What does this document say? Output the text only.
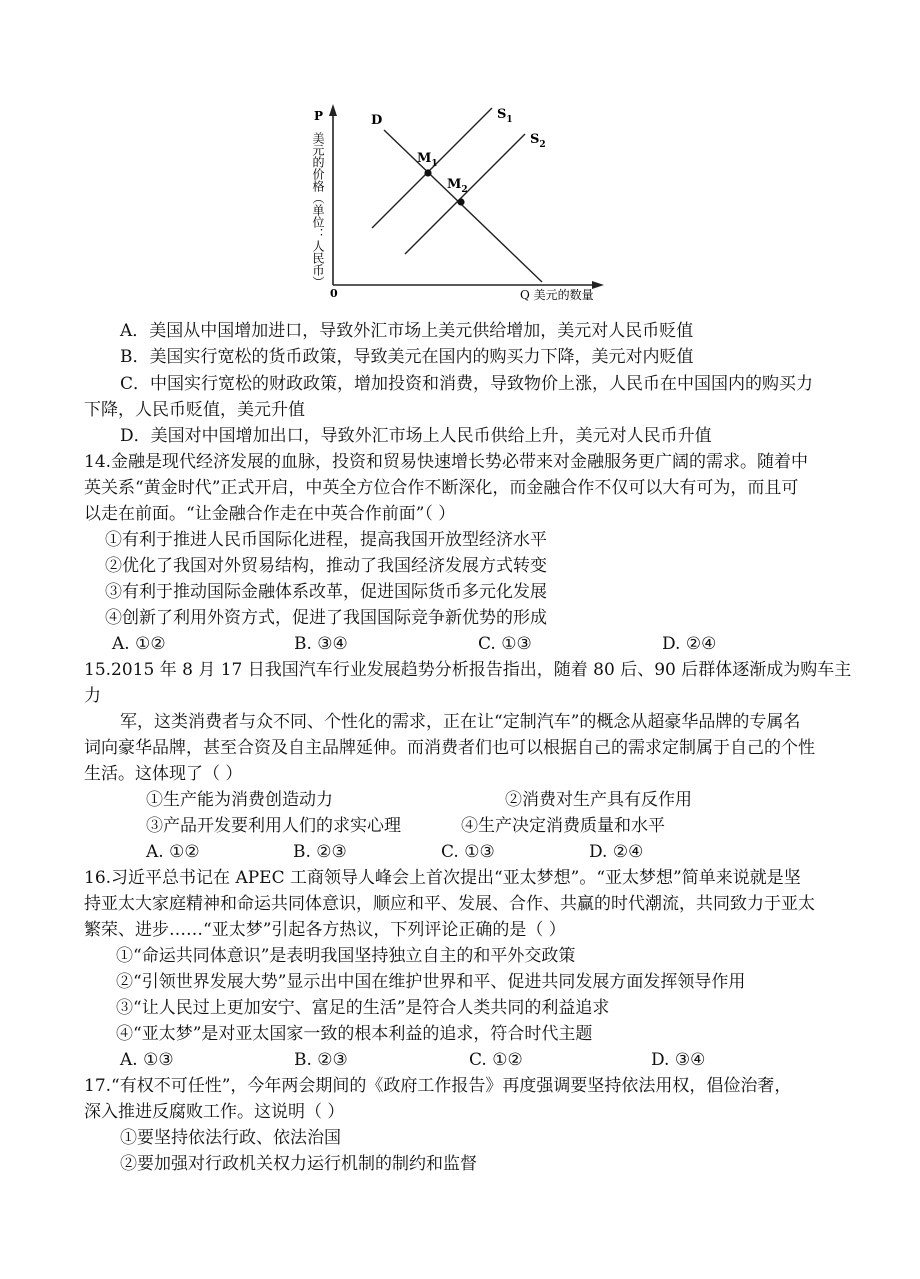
P
美元的价格（单位：人民币）
0	Q 美元的数量
D	$S_1$
$S_2$
$M_1$
$M_2$
A．美国从中国增加进口，导致外汇市场上美元供给增加，美元对人民币贬值
B．美国实行宽松的货币政策，导致美元在国内的购买力下降，美元对内贬值
C．中国实行宽松的财政政策，增加投资和消费，导致物价上涨，人民币在中国国内的购买力
下降，人民币贬值，美元升值
D．美国对中国增加出口，导致外汇市场上人民币供给上升，美元对人民币升值
14.金融是现代经济发展的血脉，投资和贸易快速增长势必带来对金融服务更广阔的需求。随着中
英关系“黄金时代”正式开启，中英全方位合作不断深化，而金融合作不仅可以大有可为，而且可
以走在前面。“让金融合作走在中英合作前面”（ ）
①有利于推进人民币国际化进程，提高我国开放型经济水平
②优化了我国对外贸易结构，推动了我国经济发展方式转变
③有利于推动国际金融体系改革，促进国际货币多元化发展
④创新了利用外资方式，促进了我国国际竞争新优势的形成
A. ①②	B. ③④	C. ①③	D. ②④
15.2015 年 8 月 17 日我国汽车行业发展趋势分析报告指出，随着 80 后、90 后群体逐渐成为购车主
力
军，这类消费者与众不同、个性化的需求，正在让“定制汽车”的概念从超豪华品牌的专属名
词向豪华品牌，甚至合资及自主品牌延伸。而消费者们也可以根据自己的需求定制属于自己的个性
生活。这体现了（ ）
①生产能为消费创造动力	②消费对生产具有反作用
③产品开发要利用人们的求实心理	④生产决定消费质量和水平
A. ①②	B. ②③	C. ①③	D. ②④
16.习近平总书记在 APEC 工商领导人峰会上首次提出“亚太梦想”。“亚太梦想”简单来说就是坚
持亚太大家庭精神和命运共同体意识，顺应和平、发展、合作、共赢的时代潮流，共同致力于亚太
繁荣、进步……“亚太梦”引起各方热议，下列评论正确的是（ ）
①“命运共同体意识”是表明我国坚持独立自主的和平外交政策
②“引领世界发展大势”显示出中国在维护世界和平、促进共同发展方面发挥领导作用
③“让人民过上更加安宁、富足的生活”是符合人类共同的利益追求
④“亚太梦”是对亚太国家一致的根本利益的追求，符合时代主题
A. ①③	B. ②③	C. ①②	D. ③④
17.“有权不可任性”，今年两会期间的《政府工作报告》再度强调要坚持依法用权，倡俭治奢，
深入推进反腐败工作。这说明（ ）
①要坚持依法行政、依法治国
②要加强对行政机关权力运行机制的制约和监督
